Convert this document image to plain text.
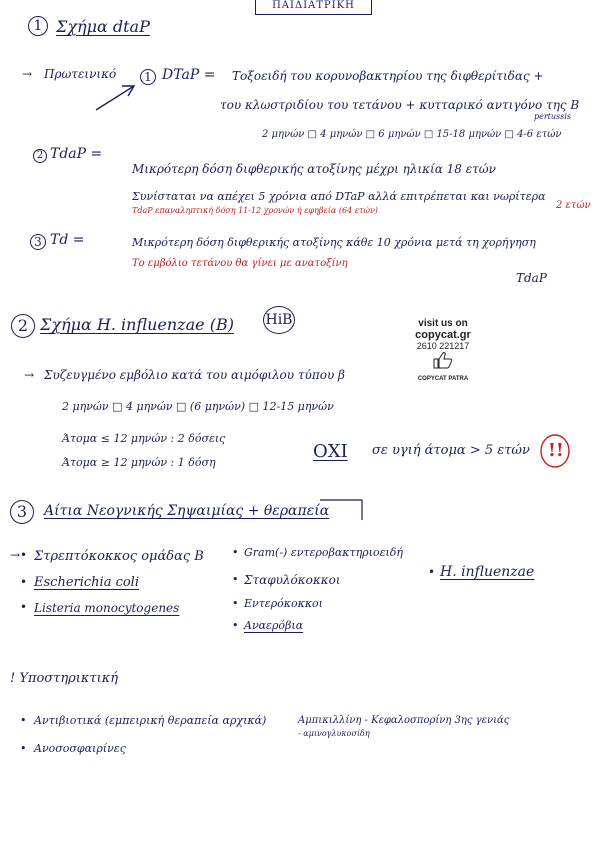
ΠΑΙΔΙΑΤΡΙΚΗ
visit us on
copycat.gr
2610 221217
COPYCAT PATRA
1 Σχήμα dtaP
→ Πρωτεινικό	1 DTaP = Τοξοειδή του κορυνοβακτηρίου της διφθερίτιδας +
του κλωστριδίου του τετάνου + κυτταρικό αντιγόνο της Β
pertussis
2 μηνών □ 4 μηνών □ 6 μηνών □ 15-18 μηνών □ 4-6 ετών
2 TdaP =
Μικρότερη δόση διφθερικής ατοξίνης μέχρι ηλικία 18 ετών
Συνίσταται να απέχει 5 χρόνια από DTaP αλλά επιτρέπεται και νωρίτερα
2 ετών
TdaP επαναληπτική δόση 11-12 χρονών ή εφηβεία (64 ετών)
3 Td =	Μικρότερη δόση διφθερικής ατοξίνης κάθε 10 χρόνια μετά τη χορήγηση
Το εμβόλιο τετάνου θα γίνει με ανατοξίνη
TdaP
2 Σχήμα H. influenzae (B) HiB
→ Συζευγμένο εμβόλιο κατά του αιμόφιλου τύπου β
2 μηνών □ 4 μηνών □ (6 μηνών) □ 12-15 μηνών
Άτομα ≤ 12 μηνών : 2 δόσεις
Άτομα ≥ 12 μηνών : 1 δόση
ΟΧΙ σε υγιή άτομα > 5 ετών !!
3	Αίτια Νεογνικής Σηψαιμίας + θεραπεία
→• Στρεπτόκοκκος ομάδας Β
• Escherichia coli
• Listeria monocytogenes
• Gram(-) εντεροβακτηριοειδή
• Σταφυλόκοκκοι
• Εντερόκοκκοι
• Αναερόβια
• H. influenzae
! Υποστηρικτική
• Αντιβιοτικά (εμπειρική θεραπεία αρχικά)	Αμπικιλλίνη - Κεφαλοσπορίνη 3ης γενιάς
- αμινογλυκοσίδη
• Ανοσοσφαιρίνες
